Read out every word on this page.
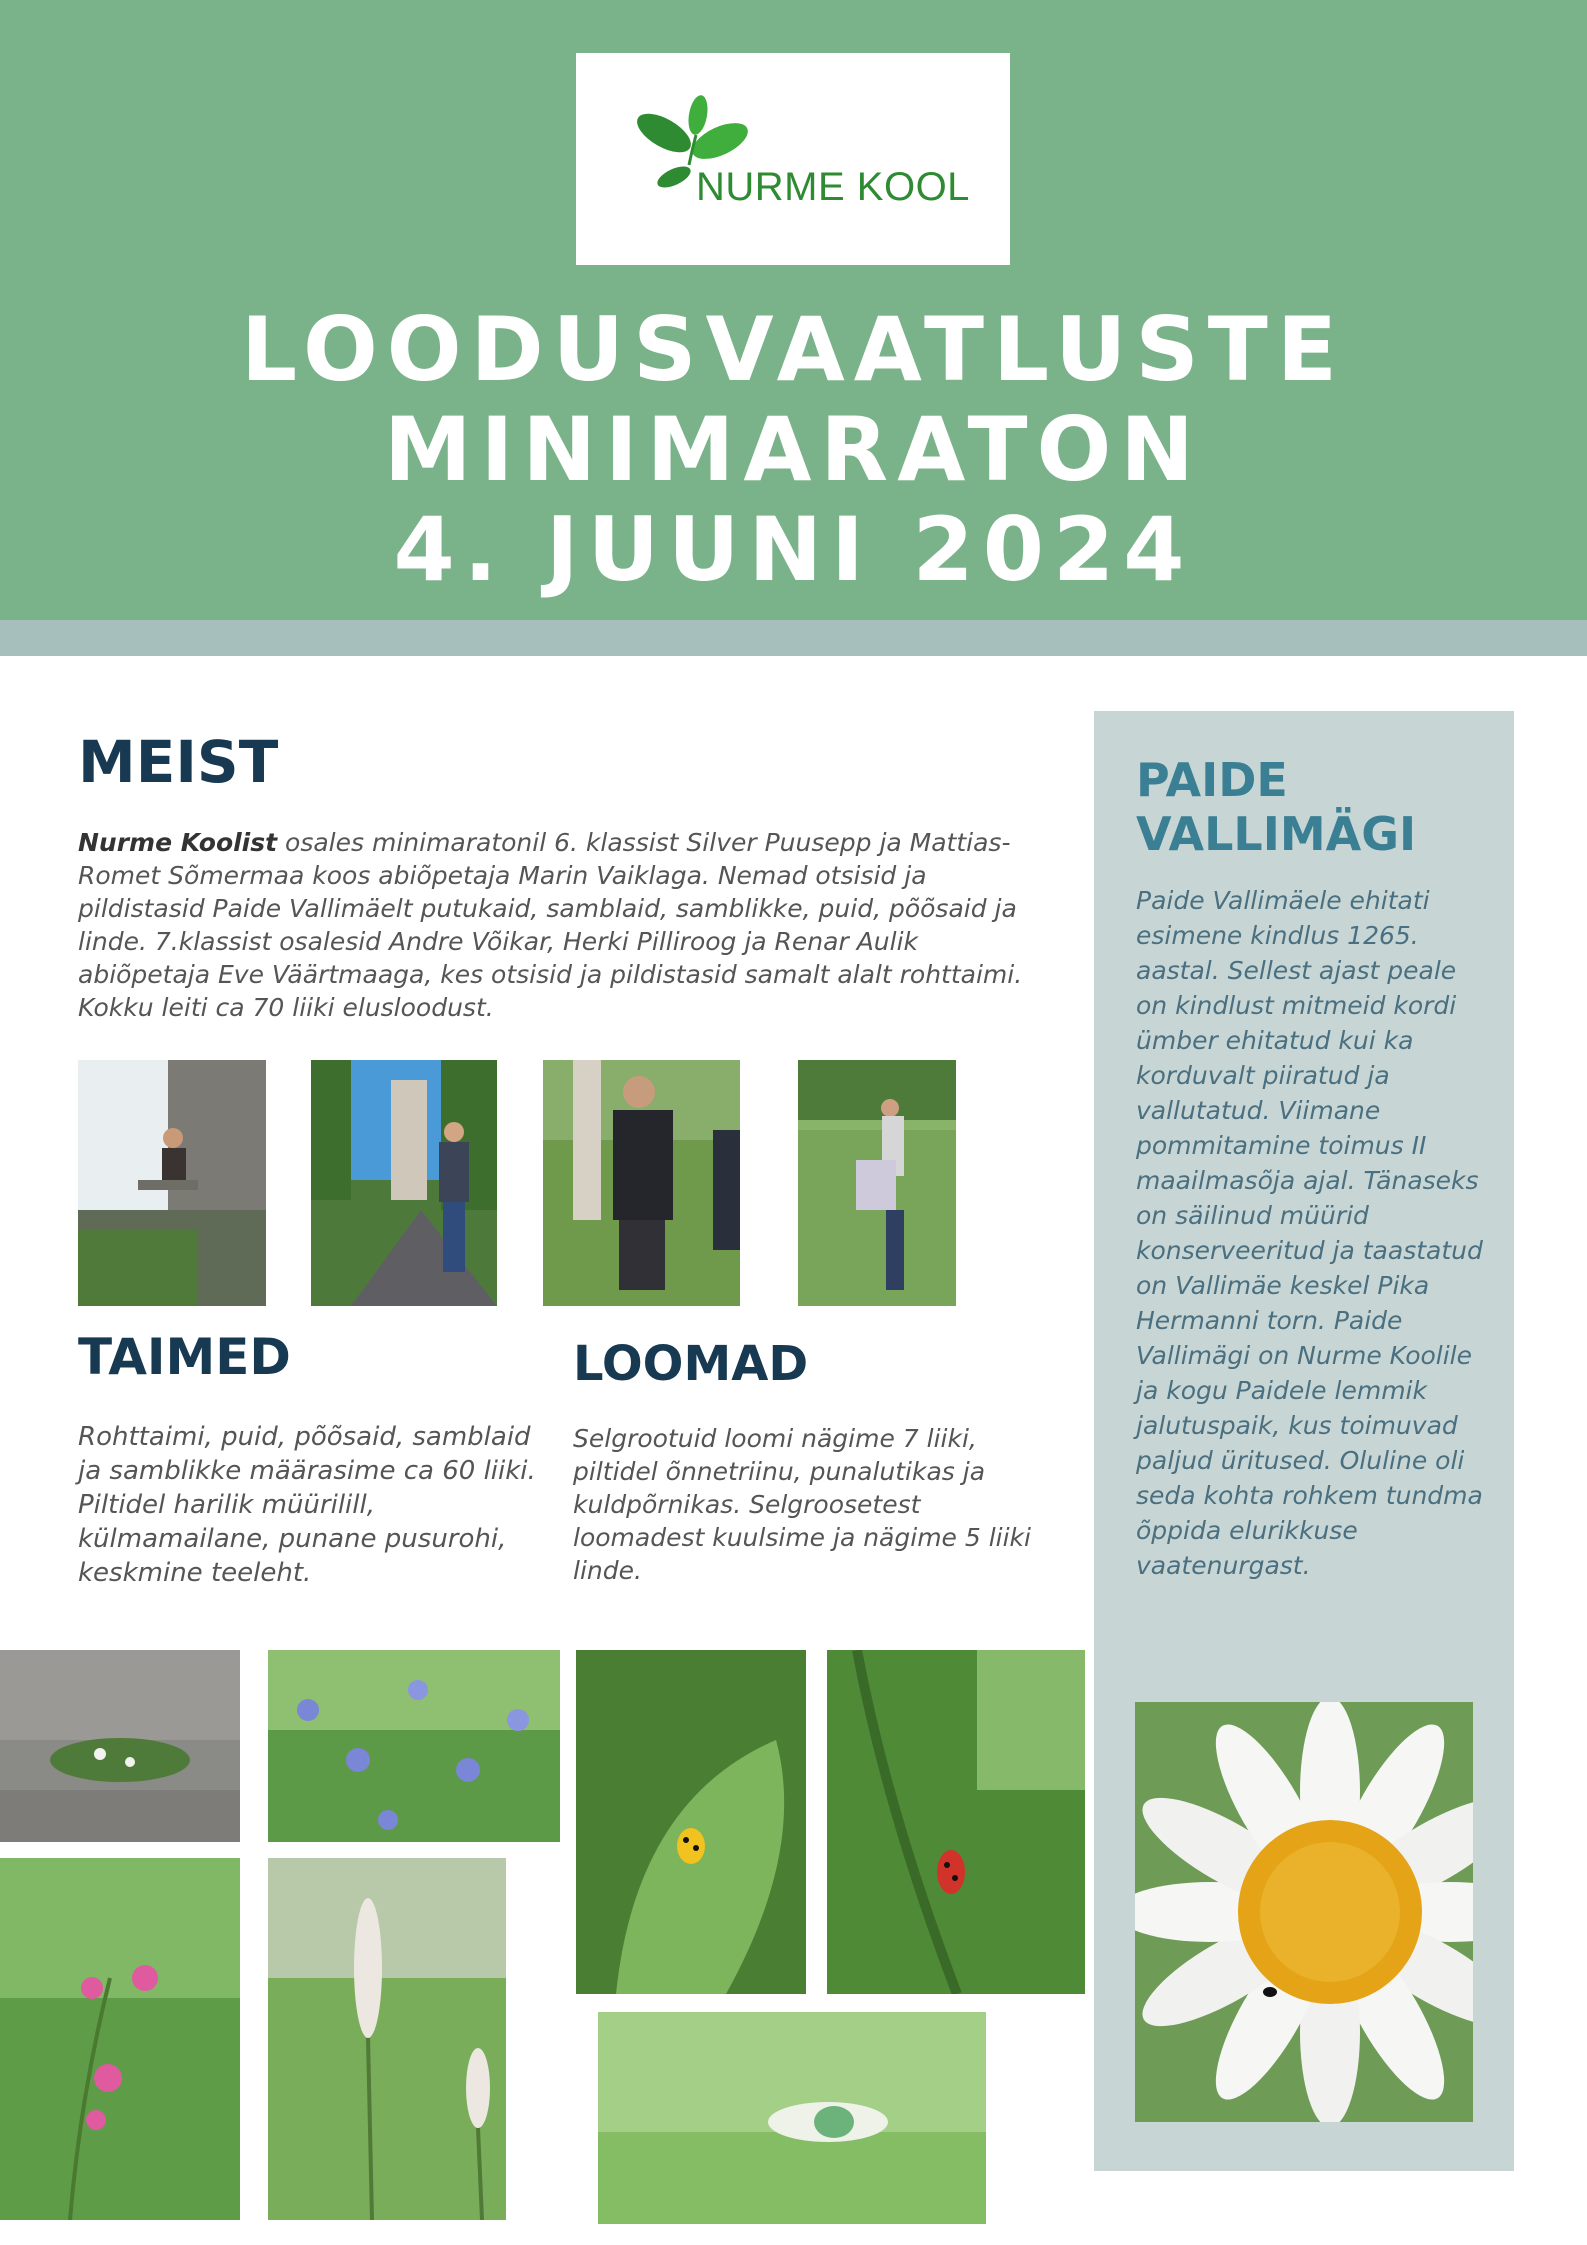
NURME KOOL
LOODUSVAATLUSTE
MINIMARATON
4. JUUNI 2024
MEIST
Nurme Koolist osales minimaratonil 6. klassist Silver Puusepp ja Mattias-Romet Sõmermaa koos abiõpetaja Marin Vaiklaga. Nemad otsisid ja pildistasid Paide Vallimäelt putukaid, samblaid, samblikke, puid, põõsaid ja linde. 7.klassist osalesid Andre Võikar, Herki Pilliroog ja Renar Aulik abiõpetaja Eve Väärtmaaga, kes otsisid ja pildistasid samalt alalt rohttaimi. Kokku leiti ca 70 liiki elusloodust.
TAIMED
Rohttaimi, puid, põõsaid, samblaid ja samblikke määrasime ca 60 liiki. Piltidel harilik müürilill, külmamailane, punane pusurohi, keskmine teeleht.
LOOMAD
Selgrootuid loomi nägime 7 liiki, piltidel õnnetriinu, punalutikas ja kuldpõrnikas. Selgroosetest loomadest kuulsime ja nägime 5 liiki linde.
PAIDE
VALLIMÄGI
Paide Vallimäele ehitati esimene kindlus 1265. aastal. Sellest ajast peale on kindlust mitmeid kordi ümber ehitatud kui ka korduvalt piiratud ja vallutatud. Viimane pommitamine toimus II maailmasõja ajal. Tänaseks on säilinud müürid konserveeritud ja taastatud on Vallimäe keskel Pika Hermanni torn. Paide Vallimägi on Nurme Koolile ja kogu Paidele lemmik jalutuspaik, kus toimuvad paljud üritused. Oluline oli seda kohta rohkem tundma õppida elurikkuse vaatenurgast.
